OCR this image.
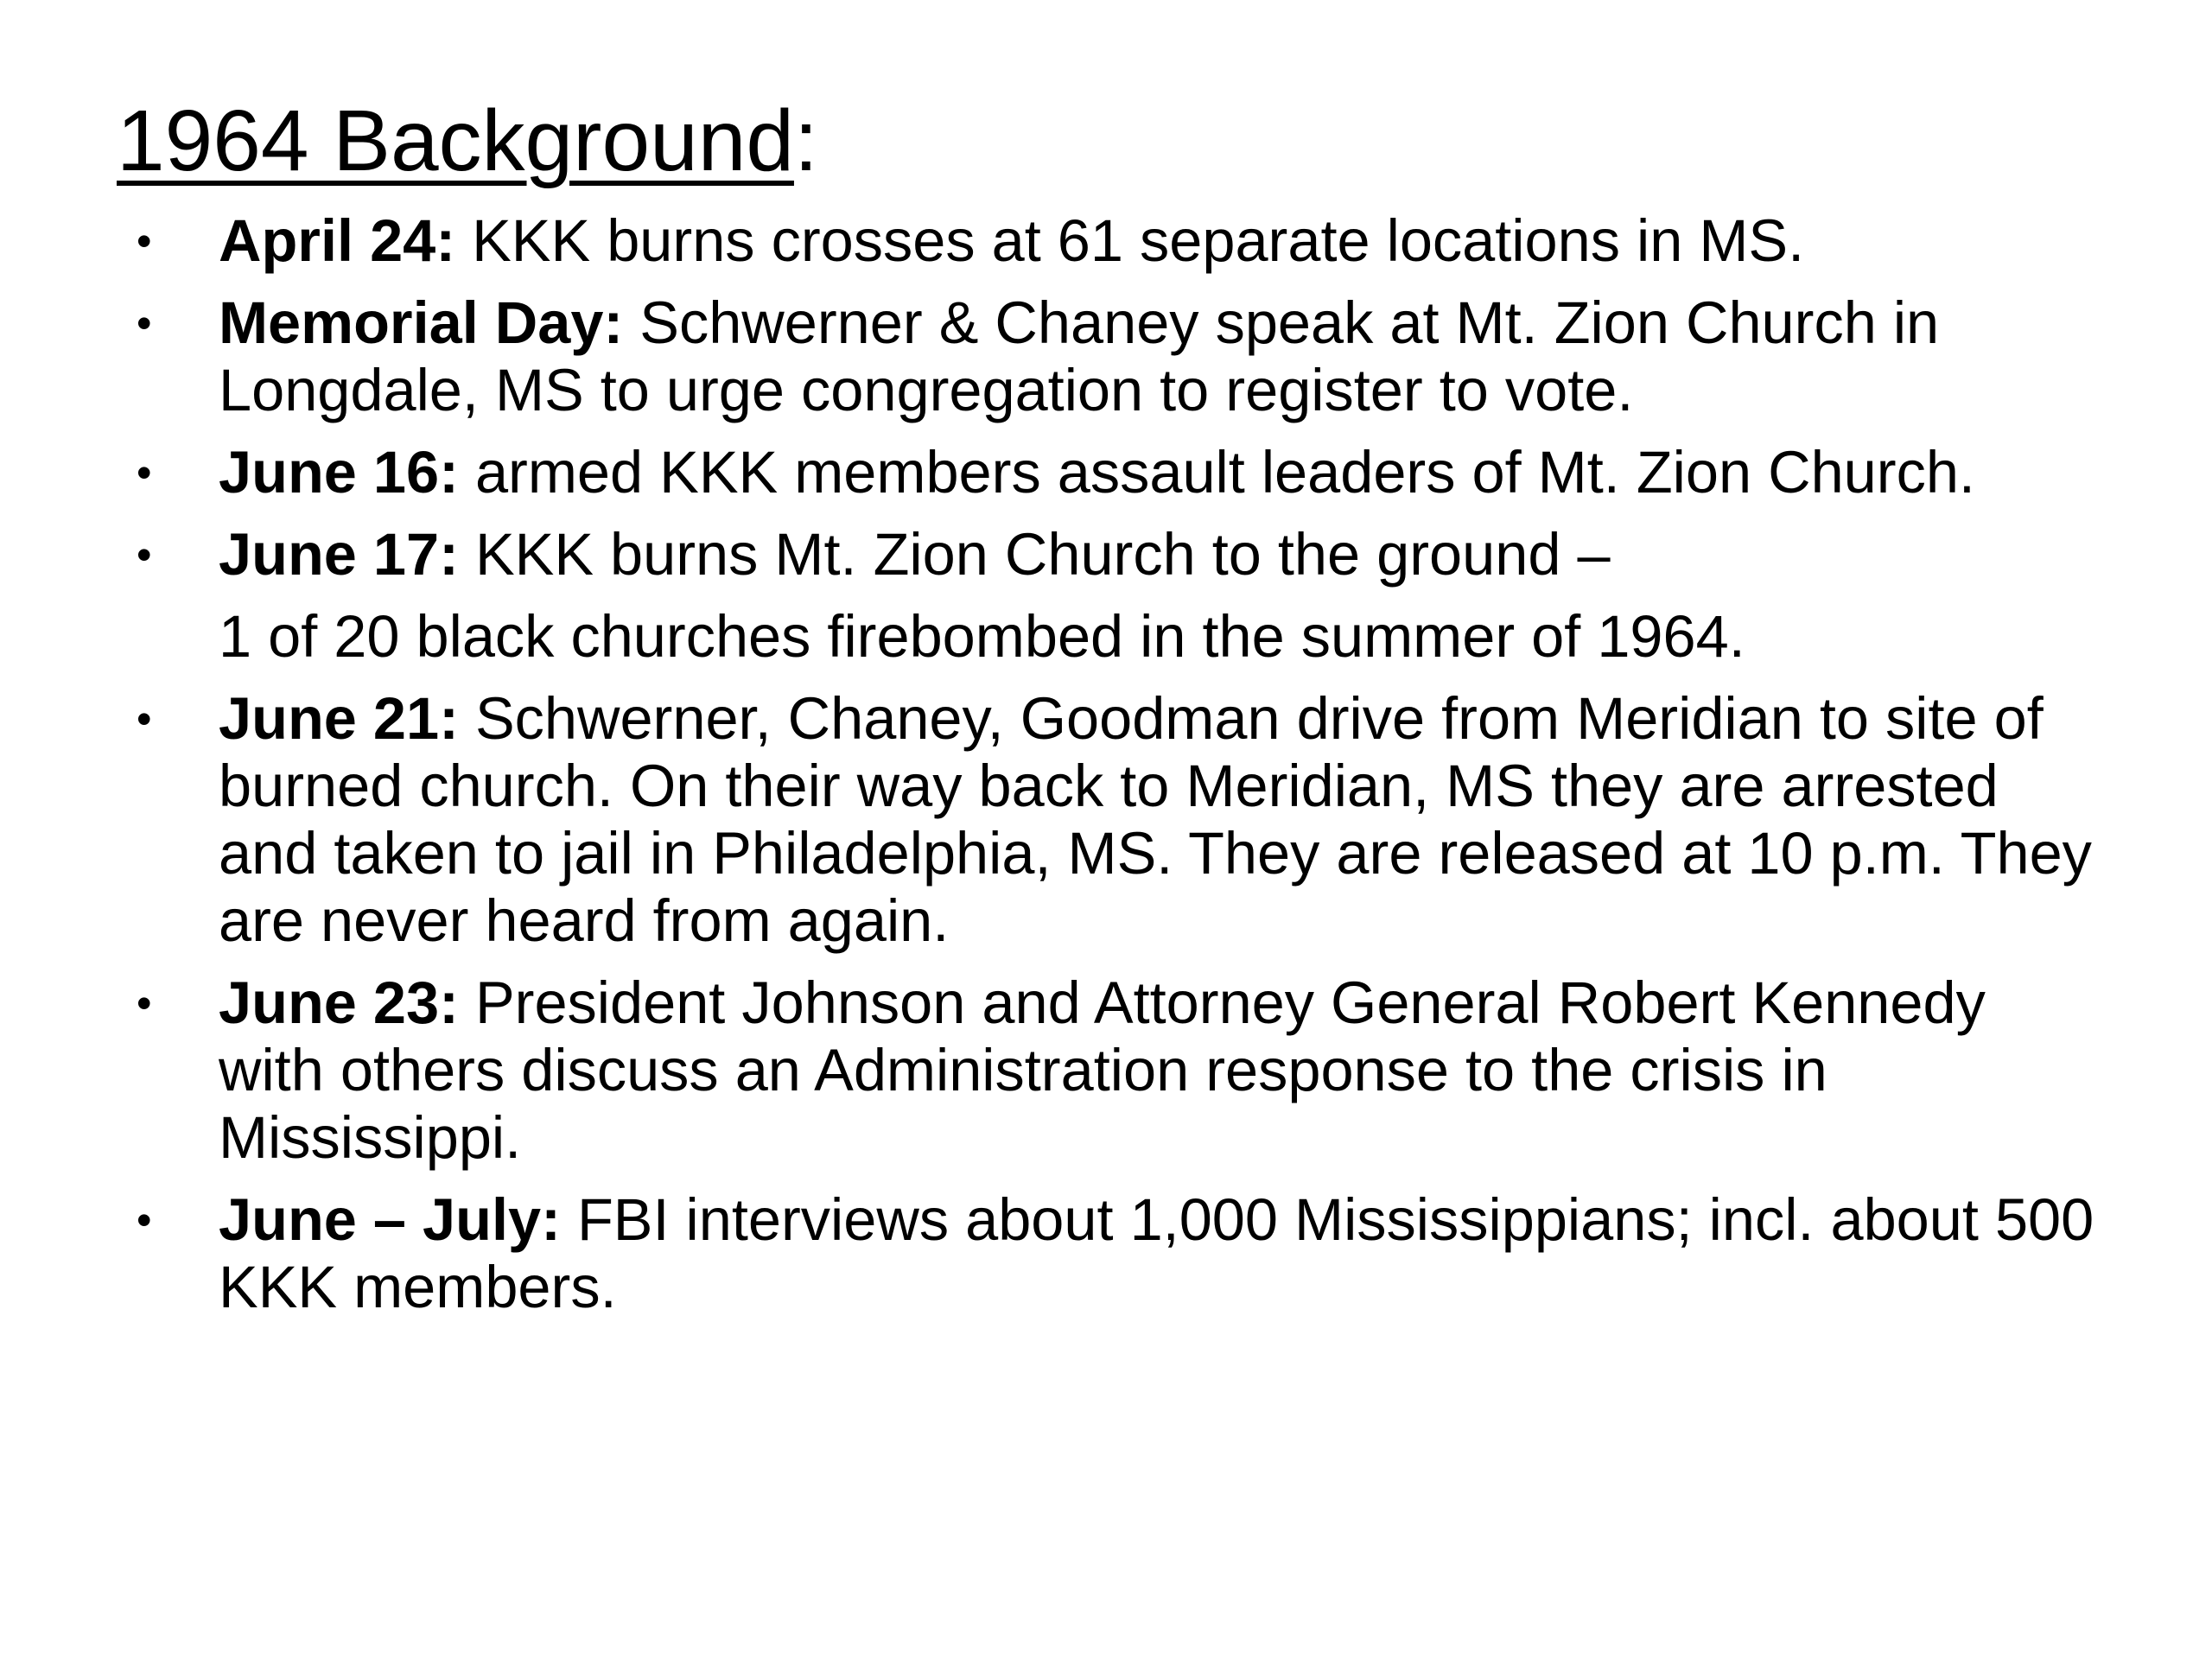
1964 Background:
• April 24: KKK burns crosses at 61 separate locations in MS.
• Memorial Day: Schwerner & Chaney speak at Mt. Zion Church in Longdale, MS to urge congregation to register to vote.
• June 16: armed KKK members assault leaders of Mt. Zion Church.
• June 17: KKK burns Mt. Zion Church to the ground –
1 of 20 black churches firebombed in the summer of 1964.
• June 21: Schwerner, Chaney, Goodman drive from Meridian to site of burned church. On their way back to Meridian, MS they are arrested and taken to jail in Philadelphia, MS. They are released at 10 p.m. They are never heard from again.
• June 23: President Johnson and Attorney General Robert Kennedy with others discuss an Administration response to the crisis in Mississippi.
• June – July: FBI interviews about 1,000 Mississippians; incl. about 500 KKK members.
